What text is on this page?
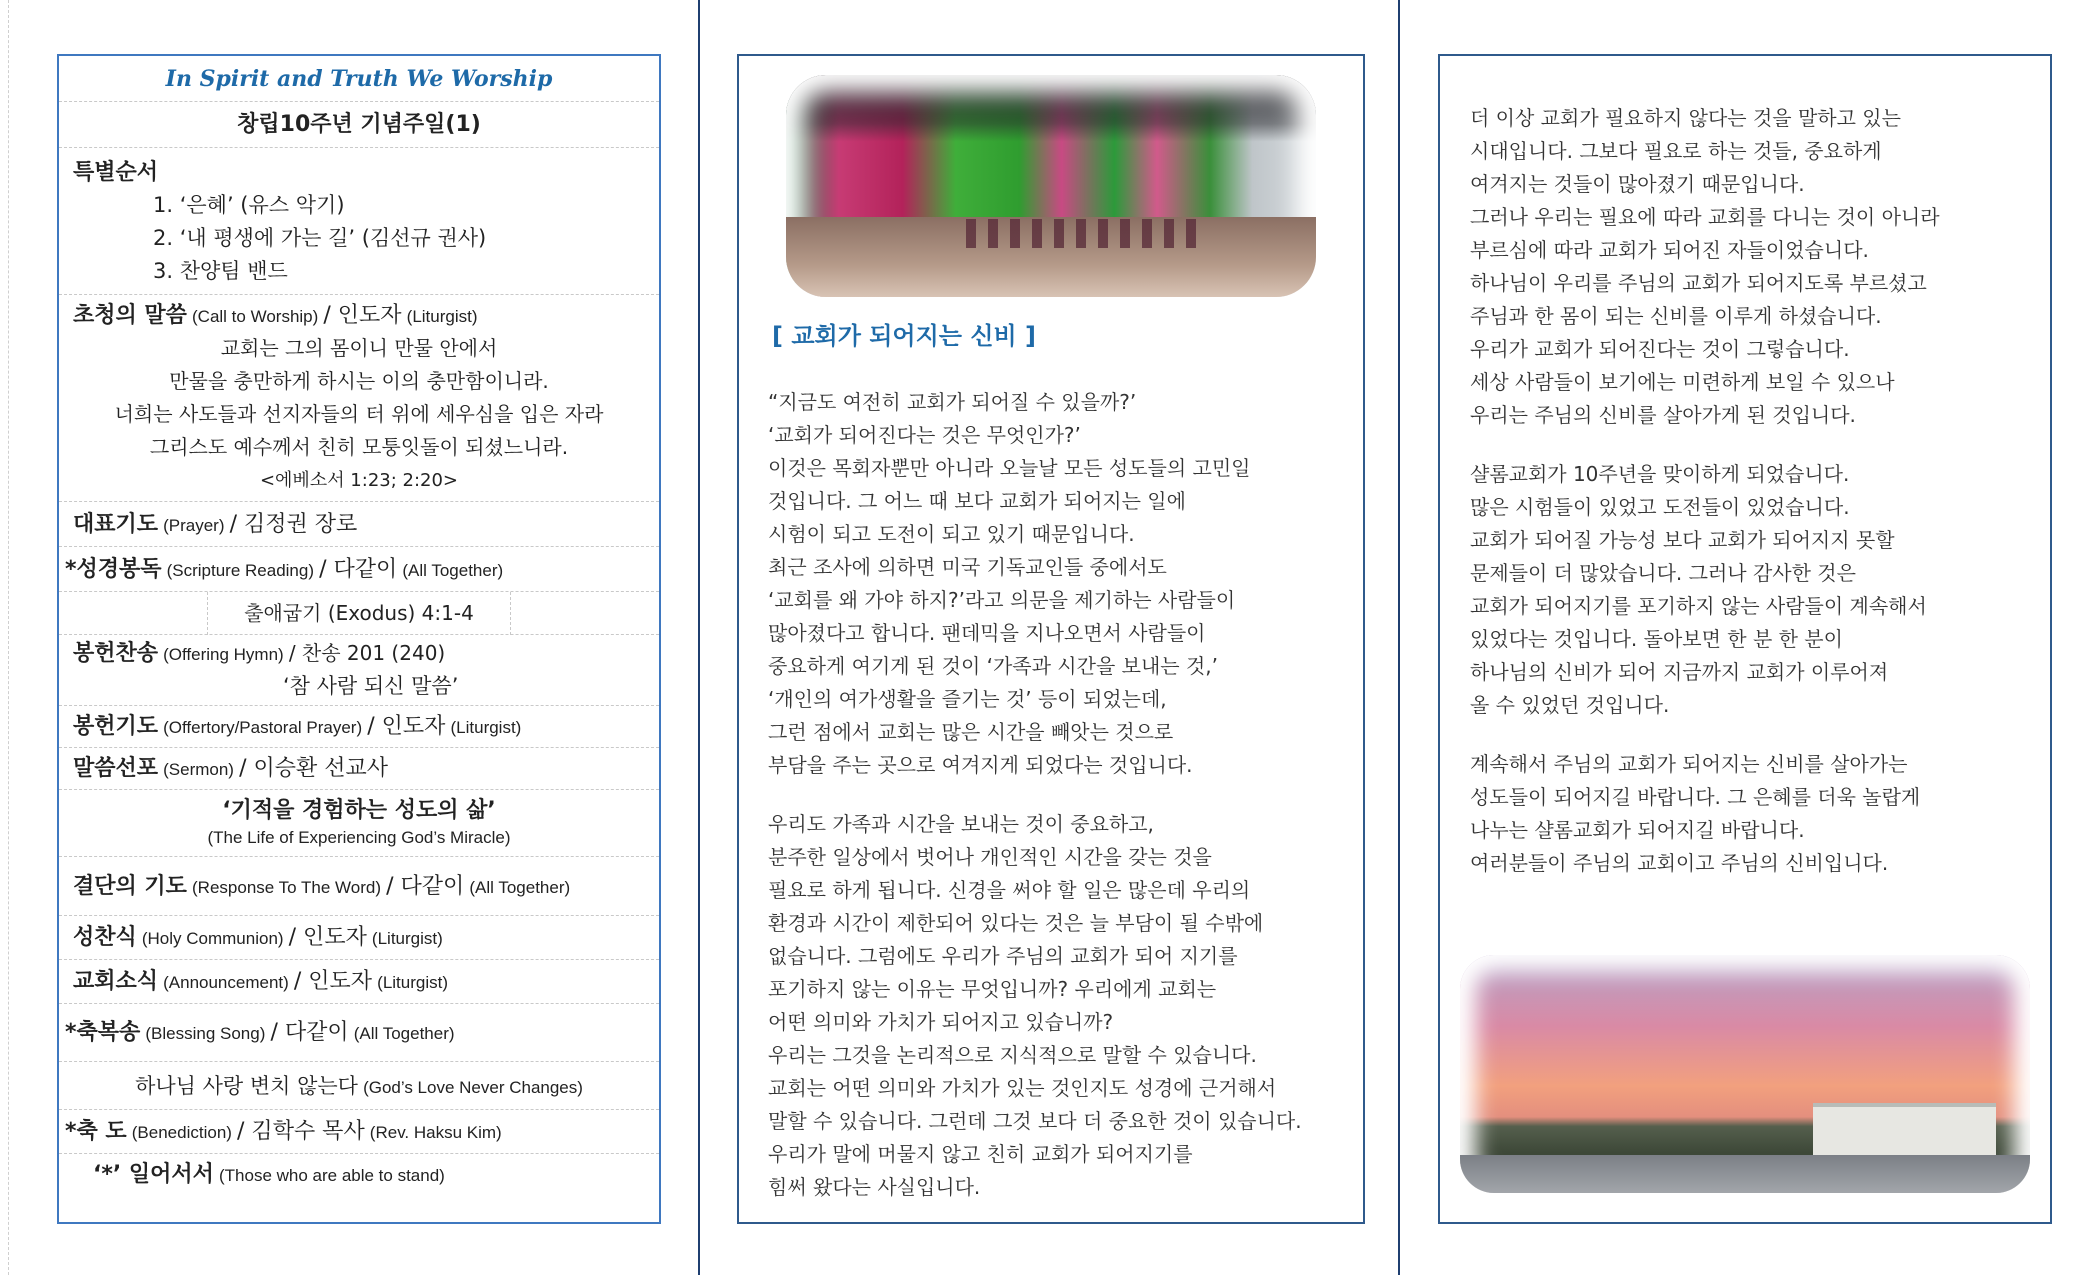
In Spirit and Truth We Worship
창립10주년 기념주일(1)
특별순서
1. ‘은혜’ (유스 악기)
2. ‘내 평생에 가는 길’ (김선규 권사)
3. 찬양팀 밴드
초청의 말씀 (Call to Worship) / 인도자 (Liturgist)
교회는 그의 몸이니 만물 안에서
만물을 충만하게 하시는 이의 충만함이니라.
너희는 사도들과 선지자들의 터 위에 세우심을 입은 자라
그리스도 예수께서 친히 모퉁잇돌이 되셨느니라.
<에베소서 1:23; 2:20>
대표기도 (Prayer) / 김정권 장로
*성경봉독 (Scripture Reading) / 다같이 (All Together)
출애굽기 (Exodus) 4:1-4
봉헌찬송 (Offering Hymn) / 찬송 201 (240)
‘참 사람 되신 말씀’
봉헌기도 (Offertory/Pastoral Prayer) / 인도자 (Liturgist)
말씀선포 (Sermon) / 이승환 선교사
‘기적을 경험하는 성도의 삶’
(The Life of Experiencing God’s Miracle)
결단의 기도 (Response To The Word) / 다같이 (All Together)
성찬식 (Holy Communion) / 인도자 (Liturgist)
교회소식 (Announcement) / 인도자 (Liturgist)
*축복송 (Blessing Song) / 다같이 (All Together)
하나님 사랑 변치 않는다 (God’s Love Never Changes)
*축 도 (Benediction) / 김학수 목사 (Rev. Haksu Kim)
‘*’ 일어서서 (Those who are able to stand)
[ 교회가 되어지는 신비 ]
“지금도 여전히 교회가 되어질 수 있을까?’
‘교회가 되어진다는 것은 무엇인가?’
이것은 목회자뿐만 아니라 오늘날 모든 성도들의 고민일
것입니다. 그 어느 때 보다 교회가 되어지는 일에
시험이 되고 도전이 되고 있기 때문입니다.
최근 조사에 의하면 미국 기독교인들 중에서도
‘교회를 왜 가야 하지?’라고 의문을 제기하는 사람들이
많아졌다고 합니다. 팬데믹을 지나오면서 사람들이
중요하게 여기게 된 것이 ‘가족과 시간을 보내는 것,’
‘개인의 여가생활을 즐기는 것’ 등이 되었는데,
그런 점에서 교회는 많은 시간을 빼앗는 것으로
부담을 주는 곳으로 여겨지게 되었다는 것입니다.
우리도 가족과 시간을 보내는 것이 중요하고,
분주한 일상에서 벗어나 개인적인 시간을 갖는 것을
필요로 하게 됩니다. 신경을 써야 할 일은 많은데 우리의
환경과 시간이 제한되어 있다는 것은 늘 부담이 될 수밖에
없습니다. 그럼에도 우리가 주님의 교회가 되어 지기를
포기하지 않는 이유는 무엇입니까? 우리에게 교회는
어떤 의미와 가치가 되어지고 있습니까?
우리는 그것을 논리적으로 지식적으로 말할 수 있습니다.
교회는 어떤 의미와 가치가 있는 것인지도 성경에 근거해서
말할 수 있습니다. 그런데 그것 보다 더 중요한 것이 있습니다.
우리가 말에 머물지 않고 친히 교회가 되어지기를
힘써 왔다는 사실입니다.
더 이상 교회가 필요하지 않다는 것을 말하고 있는
시대입니다. 그보다 필요로 하는 것들, 중요하게
여겨지는 것들이 많아졌기 때문입니다.
그러나 우리는 필요에 따라 교회를 다니는 것이 아니라
부르심에 따라 교회가 되어진 자들이었습니다.
하나님이 우리를 주님의 교회가 되어지도록 부르셨고
주님과 한 몸이 되는 신비를 이루게 하셨습니다.
우리가 교회가 되어진다는 것이 그렇습니다.
세상 사람들이 보기에는 미련하게 보일 수 있으나
우리는 주님의 신비를 살아가게 된 것입니다.
샬롬교회가 10주년을 맞이하게 되었습니다.
많은 시험들이 있었고 도전들이 있었습니다.
교회가 되어질 가능성 보다 교회가 되어지지 못할
문제들이 더 많았습니다. 그러나 감사한 것은
교회가 되어지기를 포기하지 않는 사람들이 계속해서
있었다는 것입니다. 돌아보면 한 분 한 분이
하나님의 신비가 되어 지금까지 교회가 이루어져
올 수 있었던 것입니다.
계속해서 주님의 교회가 되어지는 신비를 살아가는
성도들이 되어지길 바랍니다. 그 은혜를 더욱 놀랍게
나누는 샬롬교회가 되어지길 바랍니다.
여러분들이 주님의 교회이고 주님의 신비입니다.
